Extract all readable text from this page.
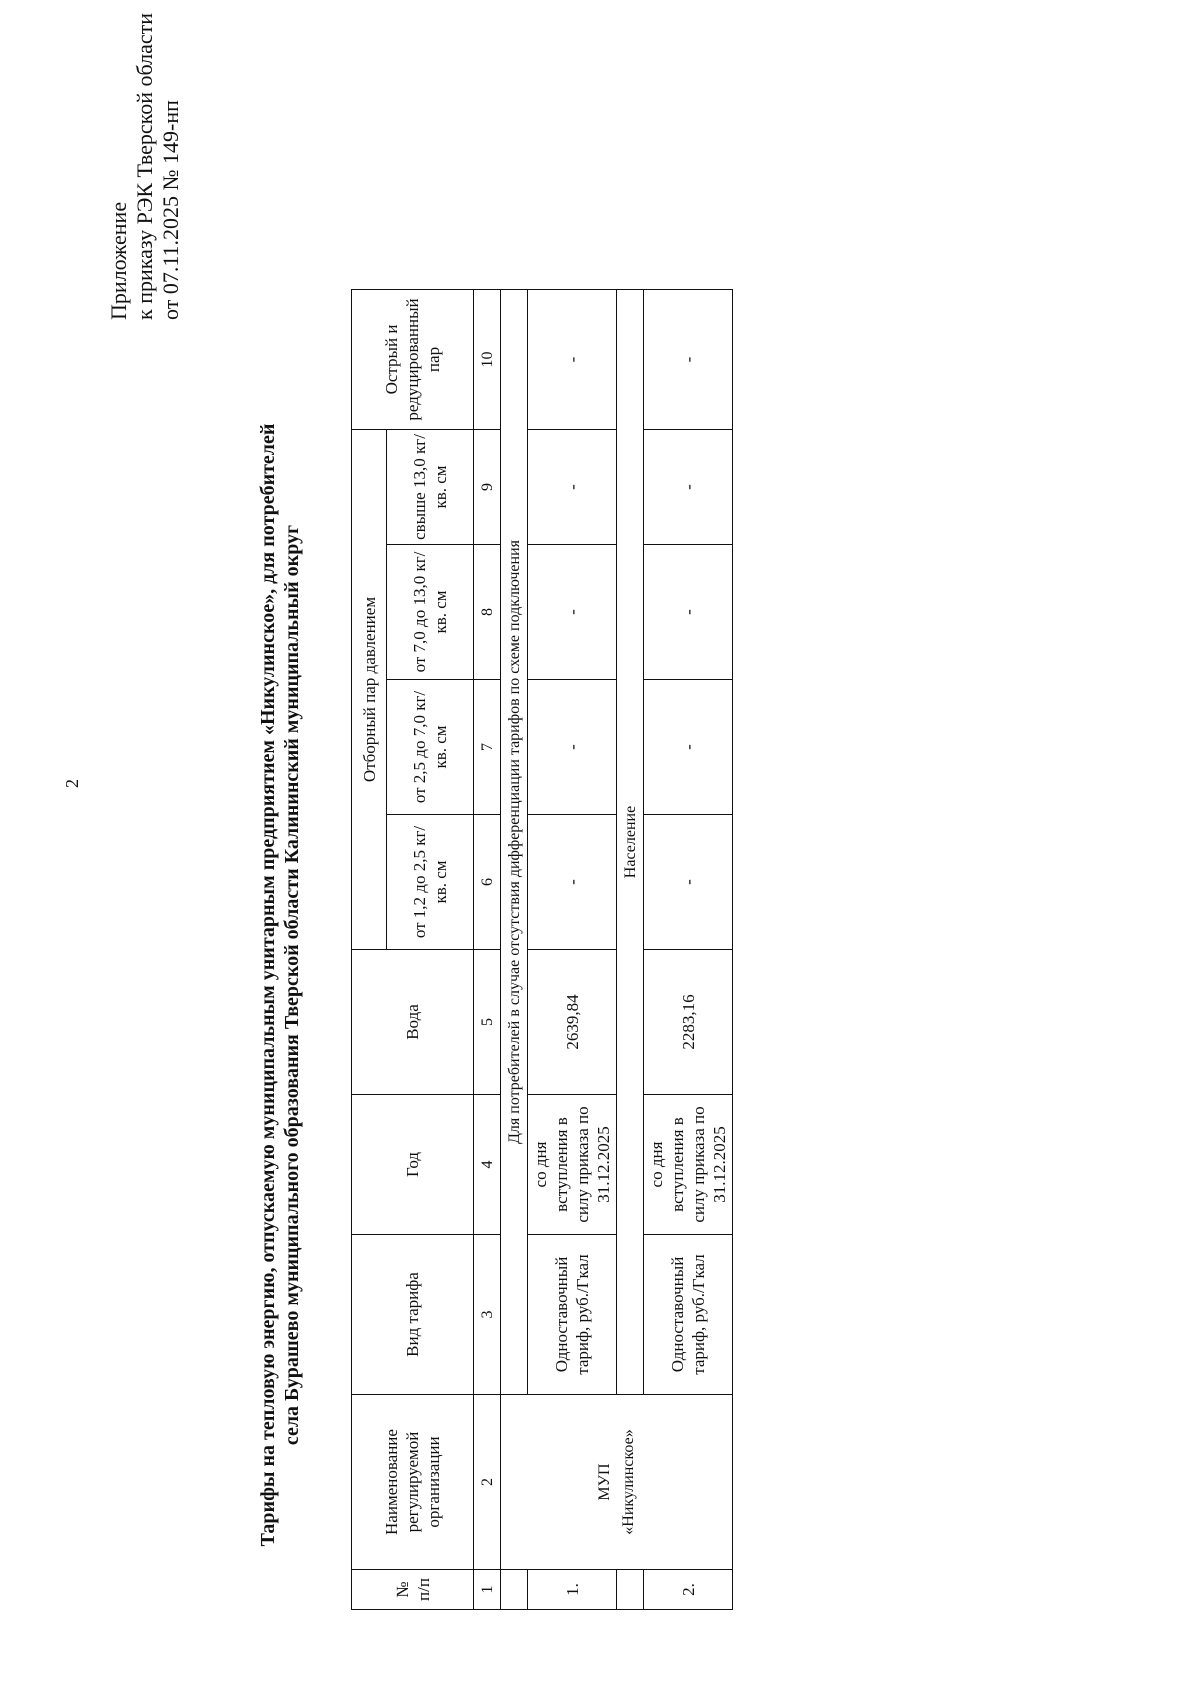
2
Приложение к приказу РЭК Тверской области от 07.11.2025 № 149-нп
Тарифы на тепловую энергию, отпускаемую муниципальным унитарным предприятием «Никулинское», для потребителей села Бурашево муниципального образования Тверской области Калининский муниципальный округ
№ п/п	Наименование регулируемой организации	Вид тарифа	Год	Вода	Отборный пар давлением				Острый и редуцированный пар
					от 1,2 до 2,5 кг/кв. см	от 2,5 до 7,0 кг/кв. см	от 7,0 до 13,0 кг/кв. см	свыше 13,0 кг/кв. см	
1	2	3	4	5	6	7	8	9	10

	МУП «Никулинское»	Для потребителей в случае отсутствия дифференциации тарифов по схеме подключения							
1.		Одноставочный тариф, руб./Гкал	со дня вступления в силу приказа по 31.12.2025	2639,84	-	-	-	-	-
		Население							
2.		Одноставочный тариф, руб./Гкал	со дня вступления в силу приказа по 31.12.2025	2283,16	-	-	-	-	-
